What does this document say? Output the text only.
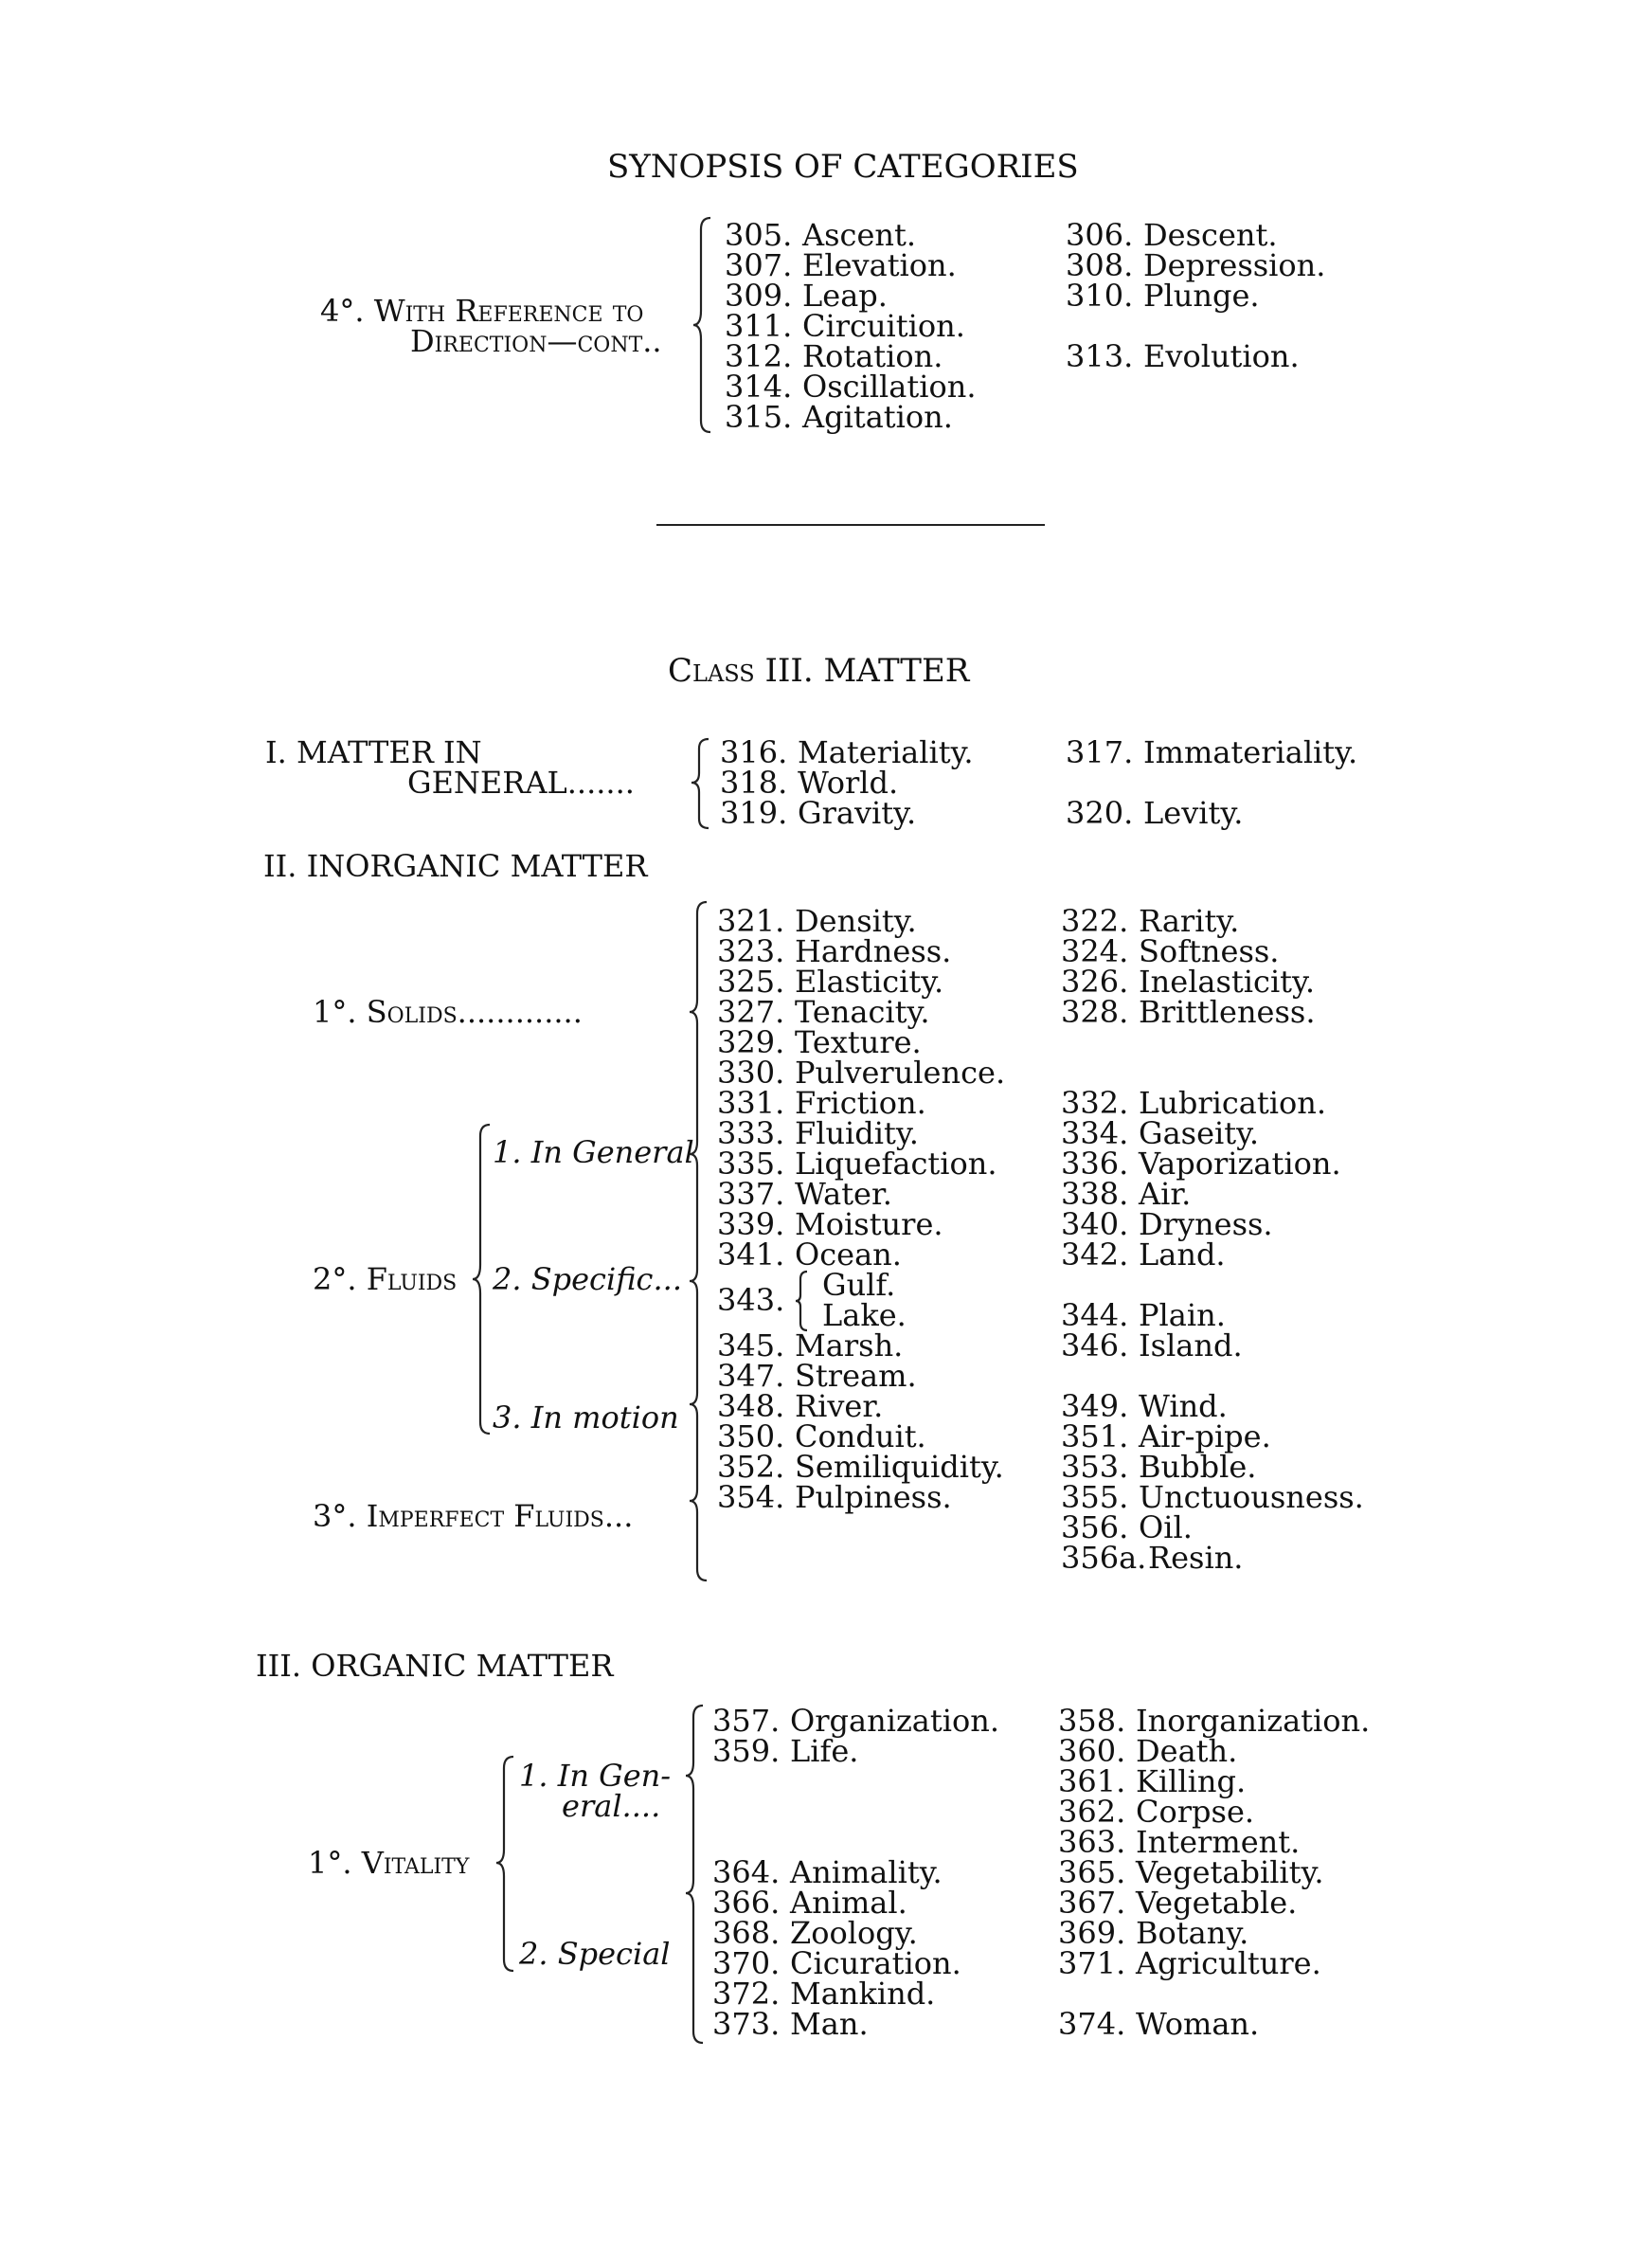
SYNOPSIS OF CATEGORIES
4°. With Reference to
Direction—cont..
305. Ascent.
307. Elevation.
309. Leap.
311. Circuition.
312. Rotation.
314. Oscillation.
315. Agitation.
306. Descent.
308. Depression.
310. Plunge.
313. Evolution.
Class III. MATTER
I. MATTER IN
GENERAL.......
316. Materiality.
318. World.
319. Gravity.
317. Immateriality.
320. Levity.
II. INORGANIC MATTER
1°. Solids.............
2°. Fluids
1. In General
2. Specific...
3. In motion
3°. Imperfect Fluids...
321. Density.
323. Hardness.
325. Elasticity.
327. Tenacity.
329. Texture.
330. Pulverulence.
331. Friction.
333. Fluidity.
335. Liquefaction.
337. Water.
339. Moisture.
341. Ocean.
343.	Gulf.
Lake.
345. Marsh.
347. Stream.
348. River.
350. Conduit.
352. Semiliquidity.
354. Pulpiness.
322. Rarity.
324. Softness.
326. Inelasticity.
328. Brittleness.
332. Lubrication.
334. Gaseity.
336. Vaporization.
338. Air.
340. Dryness.
342. Land.
344. Plain.
346. Island.
349. Wind.
351. Air-pipe.
353. Bubble.
355. Unctuousness.
356. Oil.
356a.Resin.
III. ORGANIC MATTER
1°. Vitality
1. In Gen-
eral....
2. Special
357. Organization.
359. Life.
364. Animality.
366. Animal.
368. Zoology.
370. Cicuration.
372. Mankind.
373. Man.
358. Inorganization.
360. Death.
361. Killing.
362. Corpse.
363. Interment.
365. Vegetability.
367. Vegetable.
369. Botany.
371. Agriculture.
374. Woman.
